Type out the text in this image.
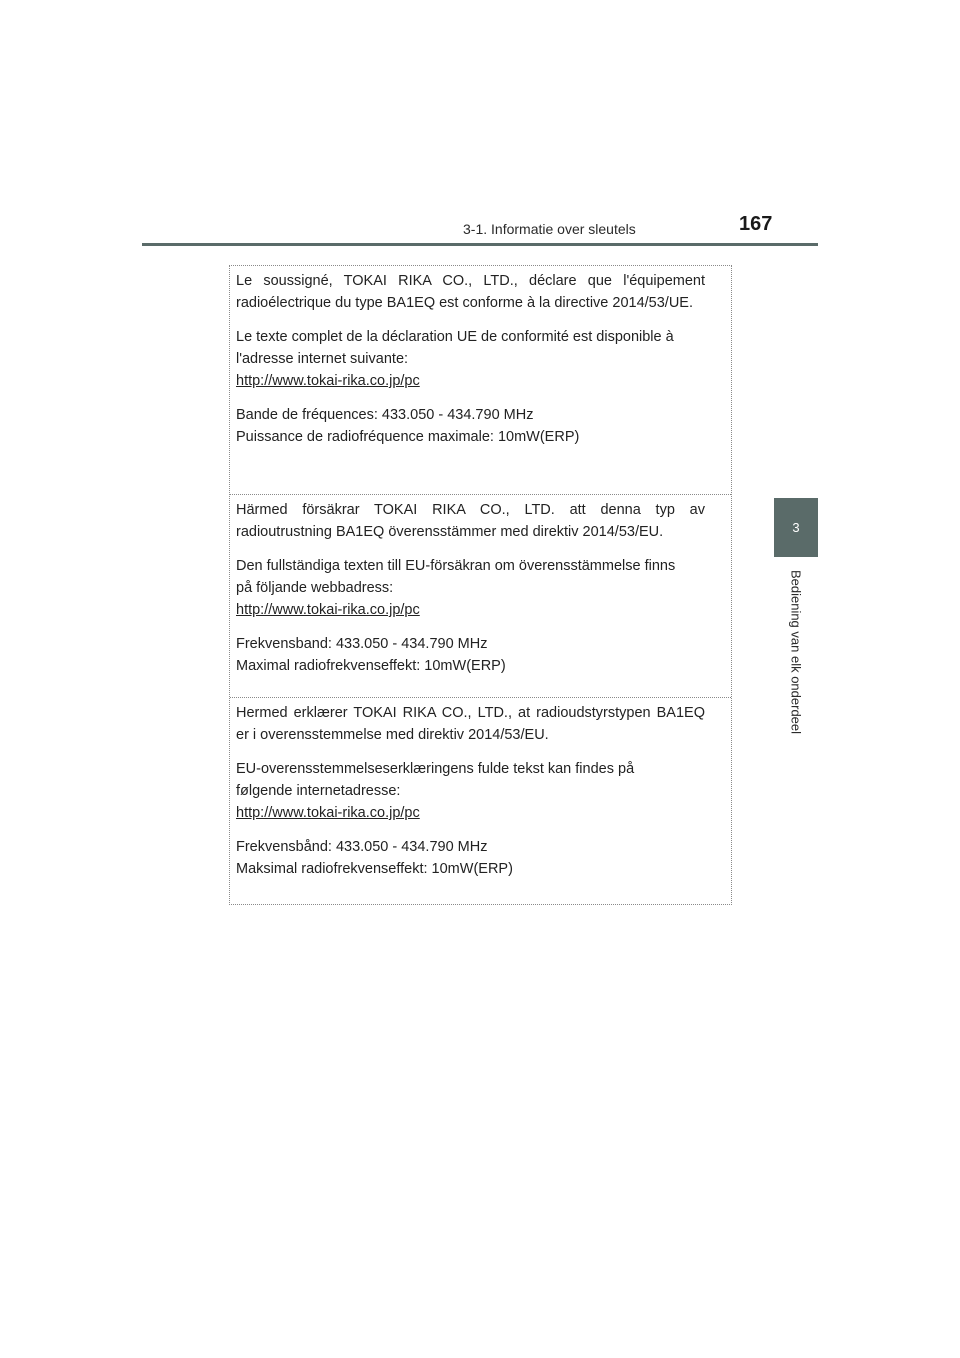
3-1. Informatie over sleutels	167
3
Bediening van elk onderdeel

Le soussigné, TOKAI RIKA CO., LTD., déclare que l'équipement radioélectrique du type BA1EQ est conforme à la directive 2014/53/UE.

Le texte complet de la déclaration UE de conformité est disponible à
l'adresse internet suivante:
http://www.tokai-rika.co.jp/pc

Bande de fréquences: 433.050 - 434.790 MHz
Puissance de radiofréquence maximale: 10mW(ERP)

Härmed försäkrar TOKAI RIKA CO., LTD. att denna typ av radioutrustning BA1EQ överensstämmer med direktiv 2014/53/EU.

Den fullständiga texten till EU-försäkran om överensstämmelse finns
på följande webbadress:
http://www.tokai-rika.co.jp/pc

Frekvensband: 433.050 - 434.790 MHz
Maximal radiofrekvenseffekt: 10mW(ERP)

Hermed erklærer TOKAI RIKA CO., LTD., at radioudstyrstypen BA1EQ er i overensstemmelse med direktiv 2014/53/EU.

EU-overensstemmelseserklæringens fulde tekst kan findes på
følgende internetadresse:
http://www.tokai-rika.co.jp/pc

Frekvensbånd: 433.050 - 434.790 MHz
Maksimal radiofrekvenseffekt: 10mW(ERP)
